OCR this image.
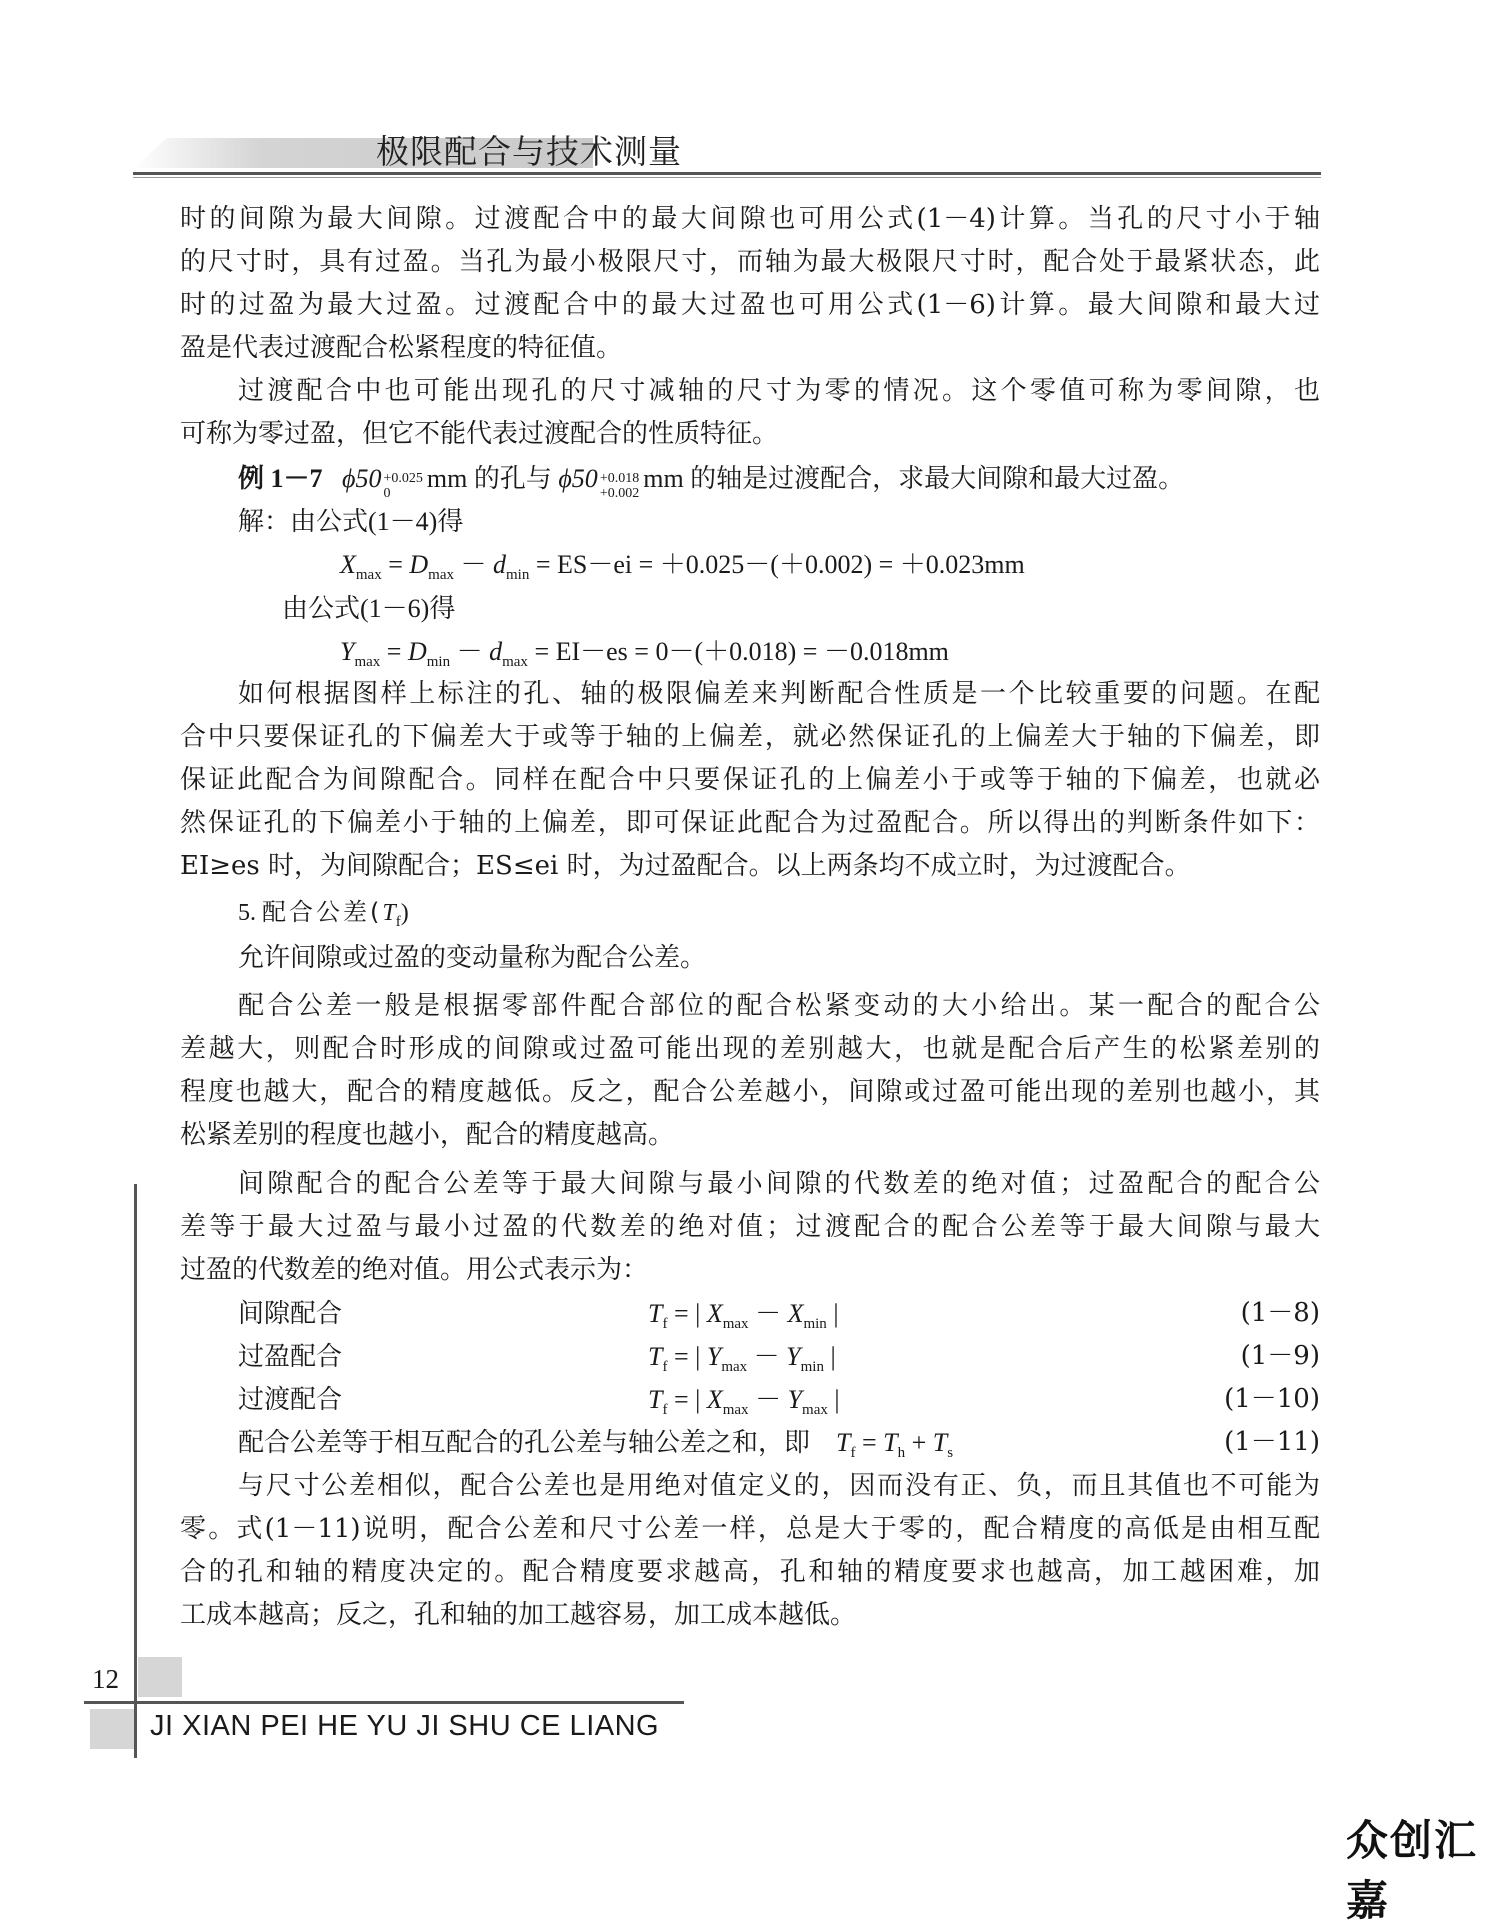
极限配合与技术测量
时的间隙为最大间隙。过渡配合中的最大间隙也可用公式(1－4)计算。当孔的尺寸小于轴
的尺寸时，具有过盈。当孔为最小极限尺寸，而轴为最大极限尺寸时，配合处于最紧状态，此
时的过盈为最大过盈。过渡配合中的最大过盈也可用公式(1－6)计算。最大间隙和最大过
盈是代表过渡配合松紧程度的特征值。
过渡配合中也可能出现孔的尺寸减轴的尺寸为零的情况。这个零值可称为零间隙，也
可称为零过盈，但它不能代表过渡配合的性质特征。
例 1－7 ϕ50 +0.025
0
mm 的孔与 ϕ50 +0.018
+0.002
mm 的轴是过渡配合，求最大间隙和最大过盈。
解：由公式(1－4)得
$X_{max} = D_{max} - d_{min} = ES-ei = +0.025-(+0.002) = +0.023mm$
由公式(1－6)得
$Y_{max} = D_{min} - d_{max} = EI-es = 0-(+0.018) = -0.018mm$
如何根据图样上标注的孔、轴的极限偏差来判断配合性质是一个比较重要的问题。在配
合中只要保证孔的下偏差大于或等于轴的上偏差，就必然保证孔的上偏差大于轴的下偏差，即
保证此配合为间隙配合。同样在配合中只要保证孔的上偏差小于或等于轴的下偏差，也就必
然保证孔的下偏差小于轴的上偏差，即可保证此配合为过盈配合。所以得出的判断条件如下：
EI≥es 时，为间隙配合；ES≤ei 时，为过盈配合。以上两条均不成立时，为过渡配合。
5. 配合公差$(T_f)$
允许间隙或过盈的变动量称为配合公差。
配合公差一般是根据零部件配合部位的配合松紧变动的大小给出。某一配合的配合公
差越大，则配合时形成的间隙或过盈可能出现的差别越大，也就是配合后产生的松紧差别的
程度也越大，配合的精度越低。反之，配合公差越小，间隙或过盈可能出现的差别也越小，其
松紧差别的程度也越小，配合的精度越高。
间隙配合的配合公差等于最大间隙与最小间隙的代数差的绝对值；过盈配合的配合公
差等于最大过盈与最小过盈的代数差的绝对值；过渡配合的配合公差等于最大间隙与最大
过盈的代数差的绝对值。用公式表示为：
间隙配合	$T_f$ = | $X_{max} - X_{min}$ |	(1－8)
过盈配合	$T_f$ = | $Y_{max} - Y_{min}$ |	(1－9)
过渡配合	$T_f$ = | $X_{max} - Y_{max}$ |	(1－10)
配合公差等于相互配合的孔公差与轴公差之和，即 $T_f = T_h + T_s$	(1－11)
与尺寸公差相似，配合公差也是用绝对值定义的，因而没有正、负，而且其值也不可能为
零。式(1－11)说明，配合公差和尺寸公差一样，总是大于零的，配合精度的高低是由相互配
合的孔和轴的精度决定的。配合精度要求越高，孔和轴的精度要求也越高，加工越困难，加
工成本越高；反之，孔和轴的加工越容易，加工成本越低。
12
JI XIAN PEI HE YU JI SHU CE LIANG
众创汇嘉
